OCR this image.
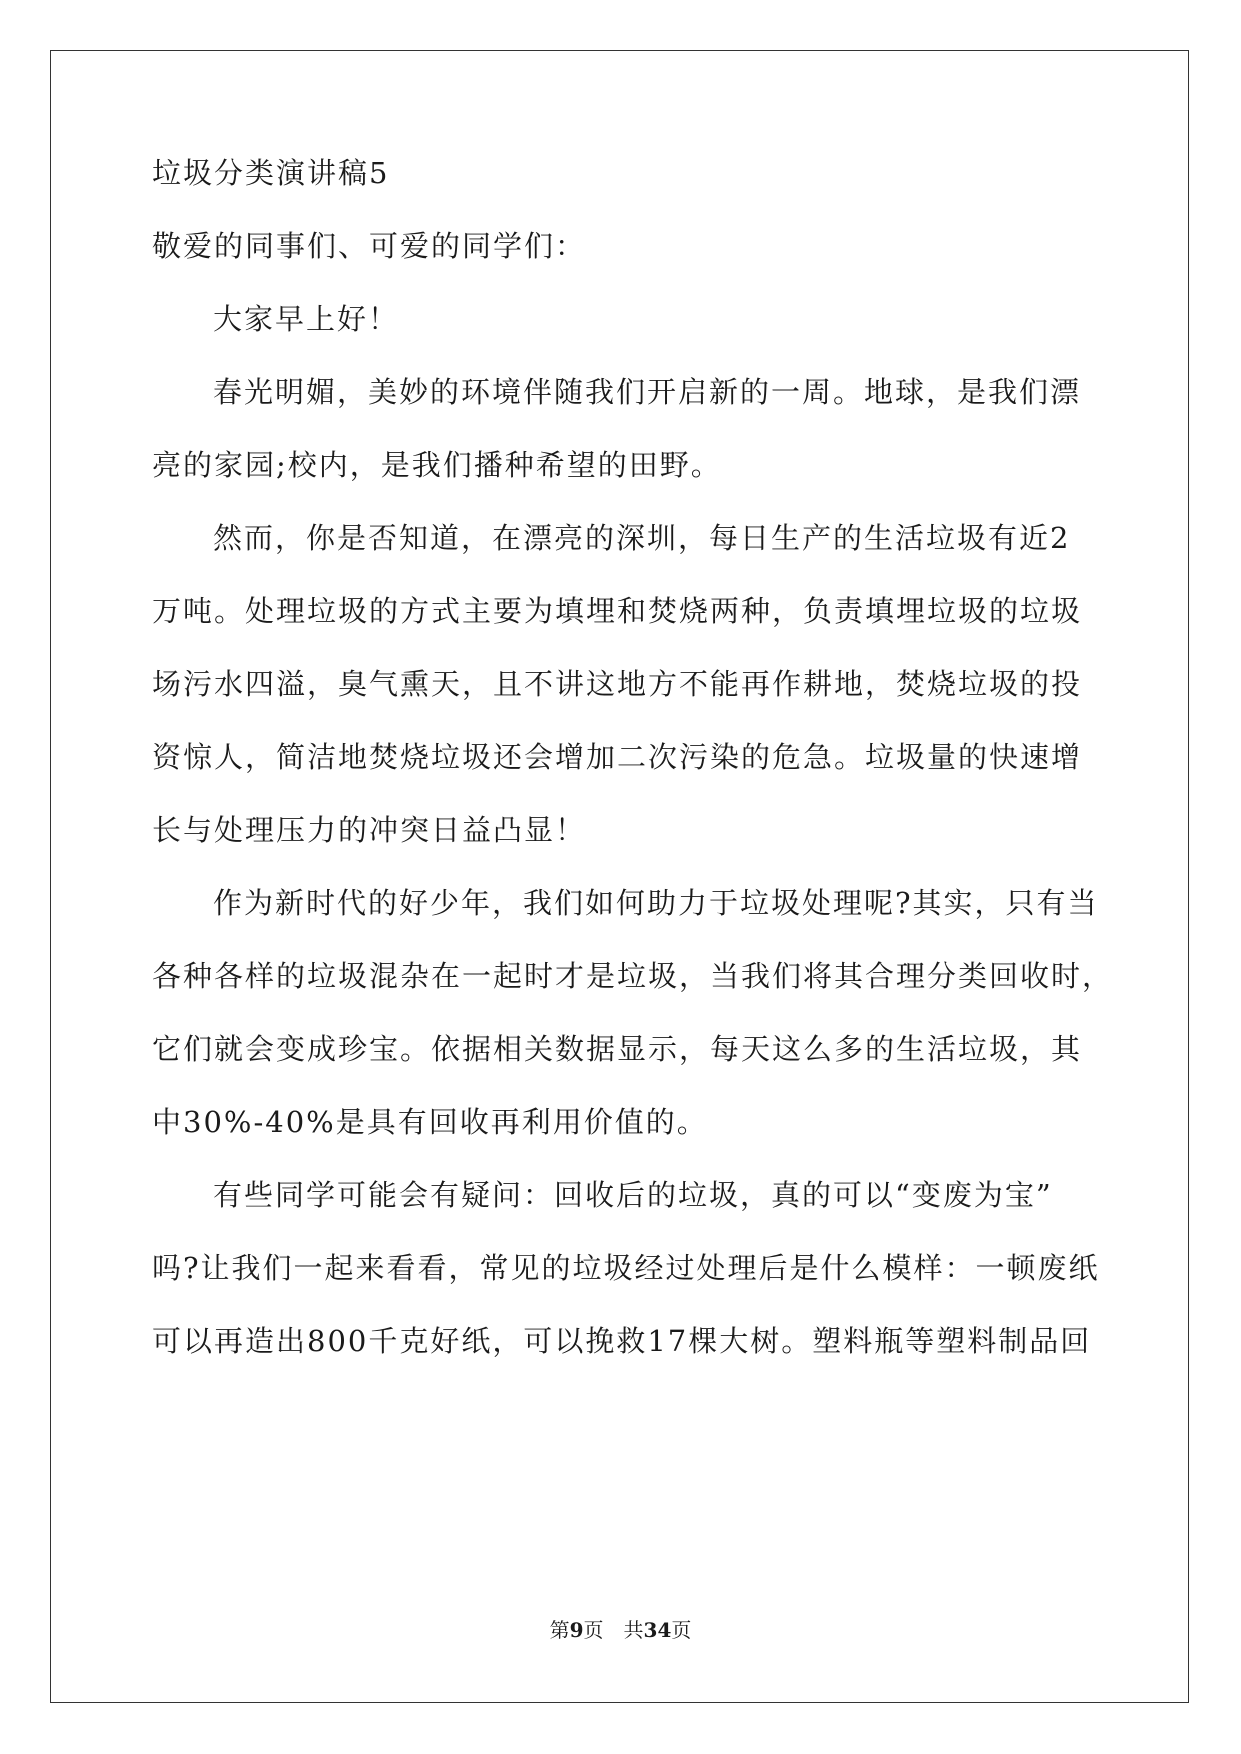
垃圾分类演讲稿5
敬爱的同事们、可爱的同学们：
大家早上好！
春光明媚，美妙的环境伴随我们开启新的一周。地球，是我们漂
亮的家园;校内，是我们播种希望的田野。
然而，你是否知道，在漂亮的深圳，每日生产的生活垃圾有近2
万吨。处理垃圾的方式主要为填埋和焚烧两种，负责填埋垃圾的垃圾
场污水四溢，臭气熏天，且不讲这地方不能再作耕地，焚烧垃圾的投
资惊人，简洁地焚烧垃圾还会增加二次污染的危急。垃圾量的快速增
长与处理压力的冲突日益凸显！
作为新时代的好少年，我们如何助力于垃圾处理呢?其实，只有当
各种各样的垃圾混杂在一起时才是垃圾，当我们将其合理分类回收时，
它们就会变成珍宝。依据相关数据显示，每天这么多的生活垃圾，其
中30%-40%是具有回收再利用价值的。
有些同学可能会有疑问：回收后的垃圾，真的可以“变废为宝”
吗?让我们一起来看看，常见的垃圾经过处理后是什么模样：一顿废纸
可以再造出800千克好纸，可以挽救17棵大树。塑料瓶等塑料制品回
第9页　共34页
